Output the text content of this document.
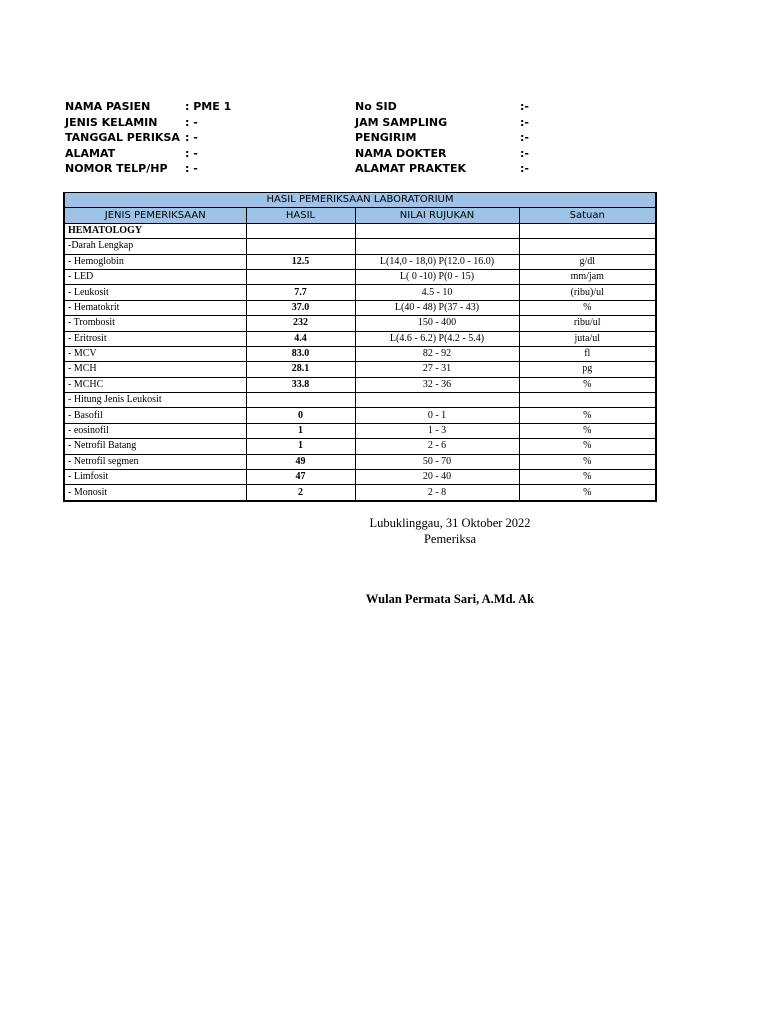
NAMA PASIEN	: PME 1	No SID	:-
JENIS KELAMIN	: -	JAM SAMPLING	:-
TANGGAL PERIKSA : -	PENGIRIM	:-
ALAMAT	: -	NAMA DOKTER	:-
NOMOR TELP/HP : -	ALAMAT PRAKTEK	:-
HASIL PEMERIKSAAN LABORATORIUM			
JENIS PEMERIKSAAN	HASIL	NILAI RUJUKAN	Satuan
HEMATOLOGY			
-Darah Lengkap			
- Hemoglobin	12.5	L(14,0 - 18,0) P(12.0 - 16.0)	g/dl
- LED		L( 0 -10) P(0 - 15)	mm/jam
- Leukosit	7.7	4.5 - 10	(ribu)/ul
- Hematokrit	37.0	L(40 - 48) P(37 - 43)	%
- Trombosit	232	150 - 400	ribu/ul
- Eritrosit	4.4	L(4.6 - 6.2) P(4.2 - 5.4)	juta/ul
- MCV	83.0	82 - 92	fl
- MCH	28.1	27 - 31	pg
- MCHC	33.8	32 - 36	%
- Hitung Jenis Leukosit			
- Basofil	0	0 - 1	%
- eosinofil	1	1 - 3	%
- Netrofil Batang	1	2 - 6	%
- Netrofil segmen	49	50 - 70	%
- Limfosit	47	20 - 40	%
- Monosit	2	2 - 8	%
Lubuklinggau, 31 Oktober 2022
Pemeriksa
Wulan Permata Sari, A.Md. Ak
